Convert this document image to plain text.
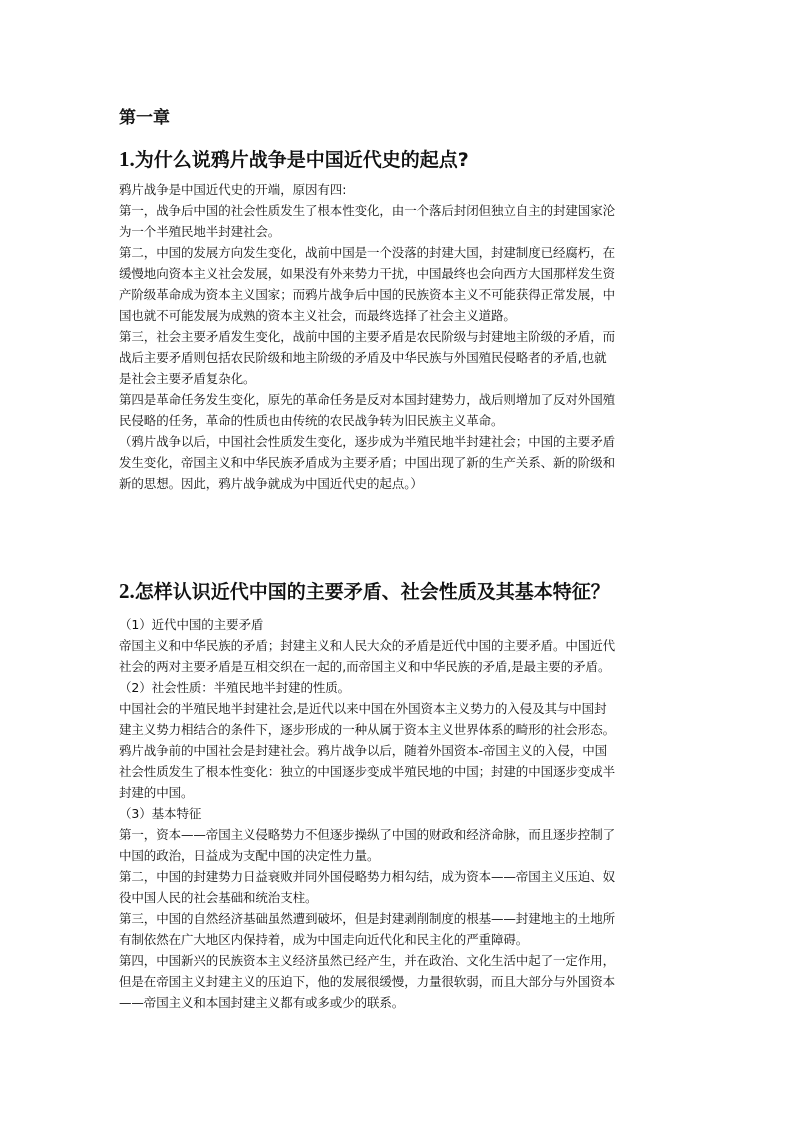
第一章
1.为什么说鸦片战争是中国近代史的起点?
鸦片战争是中国近代史的开端，原因有四:
第一，战争后中国的社会性质发生了根本性变化，由一个落后封闭但独立自主的封建国家沦
为一个半殖民地半封建社会。
第二，中国的发展方向发生变化，战前中国是一个没落的封建大国，封建制度已经腐朽，在
缓慢地向资本主义社会发展，如果没有外来势力干扰，中国最终也会向西方大国那样发生资
产阶级革命成为资本主义国家；而鸦片战争后中国的民族资本主义不可能获得正常发展，中
国也就不可能发展为成熟的资本主义社会，而最终选择了社会主义道路。
第三，社会主要矛盾发生变化，战前中国的主要矛盾是农民阶级与封建地主阶级的矛盾，而
战后主要矛盾则包括农民阶级和地主阶级的矛盾及中华民族与外国殖民侵略者的矛盾,也就
是社会主要矛盾复杂化。
第四是革命任务发生变化，原先的革命任务是反对本国封建势力，战后则增加了反对外国殖
民侵略的任务，革命的性质也由传统的农民战争转为旧民族主义革命。
（鸦片战争以后，中国社会性质发生变化，逐步成为半殖民地半封建社会；中国的主要矛盾
发生变化，帝国主义和中华民族矛盾成为主要矛盾；中国出现了新的生产关系、新的阶级和
新的思想。因此，鸦片战争就成为中国近代史的起点。）
2.怎样认识近代中国的主要矛盾、社会性质及其基本特征？
（1）近代中国的主要矛盾
帝国主义和中华民族的矛盾；封建主义和人民大众的矛盾是近代中国的主要矛盾。中国近代
社会的两对主要矛盾是互相交织在一起的,而帝国主义和中华民族的矛盾,是最主要的矛盾。
（2）社会性质：半殖民地半封建的性质。
中国社会的半殖民地半封建社会,是近代以来中国在外国资本主义势力的入侵及其与中国封
建主义势力相结合的条件下，逐步形成的一种从属于资本主义世界体系的畸形的社会形态。
鸦片战争前的中国社会是封建社会。鸦片战争以后，随着外国资本-帝国主义的入侵，中国
社会性质发生了根本性变化：独立的中国逐步变成半殖民地的中国；封建的中国逐步变成半
封建的中国。
（3）基本特征
第一，资本——帝国主义侵略势力不但逐步操纵了中国的财政和经济命脉，而且逐步控制了
中国的政治，日益成为支配中国的决定性力量。
第二，中国的封建势力日益衰败并同外国侵略势力相勾结，成为资本——帝国主义压迫、奴
役中国人民的社会基础和统治支柱。
第三，中国的自然经济基础虽然遭到破坏，但是封建剥削制度的根基——封建地主的土地所
有制依然在广大地区内保持着，成为中国走向近代化和民主化的严重障碍。
第四，中国新兴的民族资本主义经济虽然已经产生，并在政治、文化生活中起了一定作用，
但是在帝国主义封建主义的压迫下，他的发展很缓慢，力量很软弱，而且大部分与外国资本
——帝国主义和本国封建主义都有或多或少的联系。
